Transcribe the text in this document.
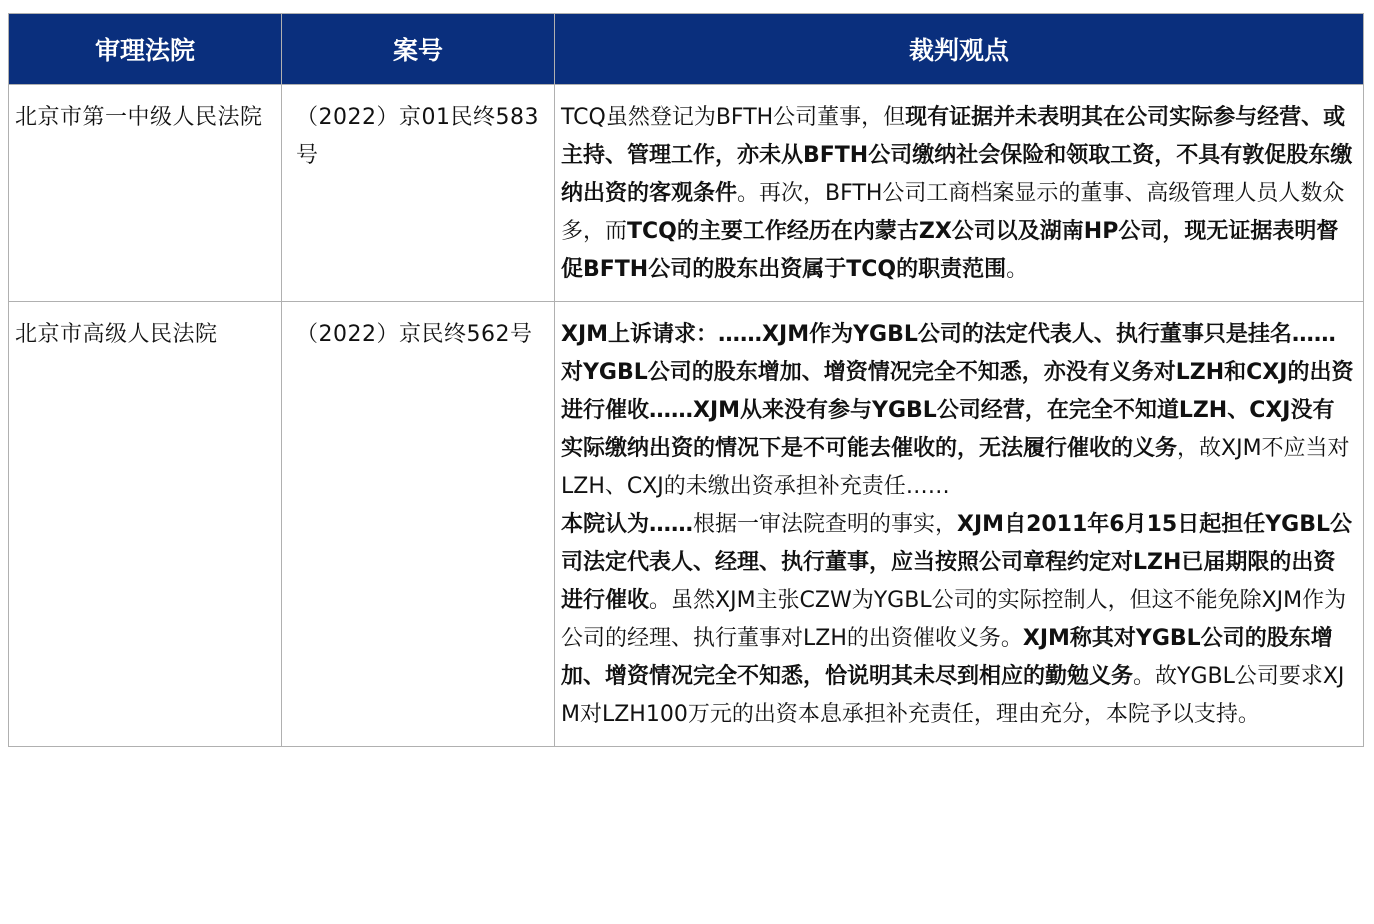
审理法院	案号	裁判观点
北京市第一中级人民法院	（2022）京01民终583号	TCQ虽然登记为BFTH公司董事，但现有证据并未表明其在公司实际参与经营、或主持、管理工作，亦未从BFTH公司缴纳社会保险和领取工资，不具有敦促股东缴纳出资的客观条件。再次，BFTH公司工商档案显示的董事、高级管理人员人数众多，而TCQ的主要工作经历在内蒙古ZX公司以及湖南HP公司，现无证据表明督促BFTH公司的股东出资属于TCQ的职责范围。
北京市高级人民法院	（2022）京民终562号	XJM上诉请求：……XJM作为YGBL公司的法定代表人、执行董事只是挂名……对YGBL公司的股东增加、增资情况完全不知悉，亦没有义务对LZH和CXJ的出资进行催收……XJM从来没有参与YGBL公司经营，在完全不知道LZH、CXJ没有实际缴纳出资的情况下是不可能去催收的，无法履行催收的义务，故XJM不应当对LZH、CXJ的未缴出资承担补充责任……
本院认为……根据一审法院查明的事实，XJM自2011年6月15日起担任YGBL公司法定代表人、经理、执行董事，应当按照公司章程约定对LZH已届期限的出资进行催收。虽然XJM主张CZW为YGBL公司的实际控制人，但这不能免除XJM作为公司的经理、执行董事对LZH的出资催收义务。XJM称其对YGBL公司的股东增加、增资情况完全不知悉，恰说明其未尽到相应的勤勉义务。故YGBL公司要求XJM对LZH100万元的出资本息承担补充责任，理由充分，本院予以支持。
